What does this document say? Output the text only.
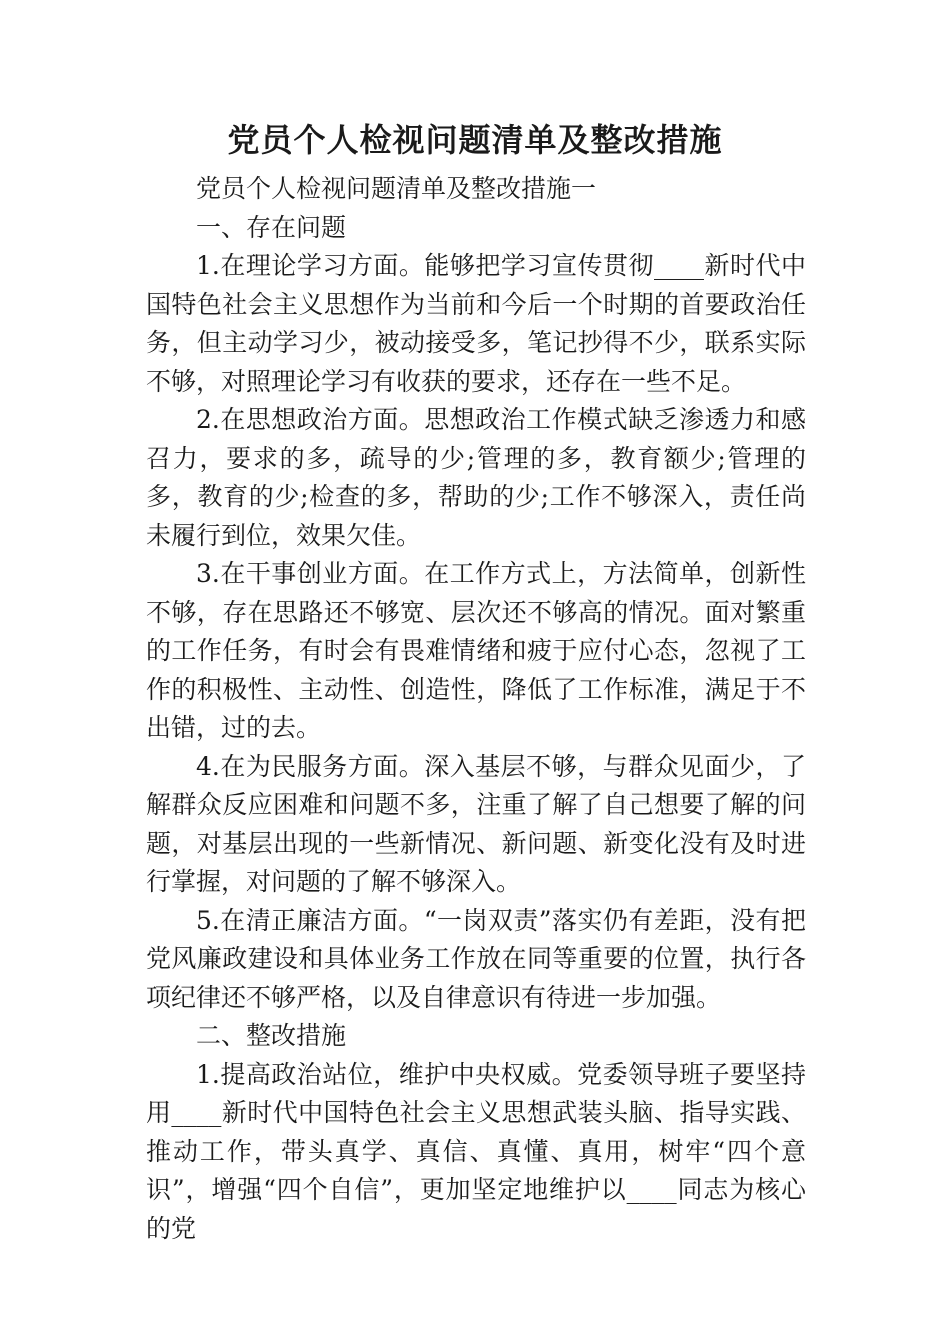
党员个人检视问题清单及整改措施

党员个人检视问题清单及整改措施一

一、存在问题

1.在理论学习方面。能够把学习宣传贯彻____新时代中国特色社会主义思想作为当前和今后一个时期的首要政治任务，但主动学习少，被动接受多，笔记抄得不少，联系实际不够，对照理论学习有收获的要求，还存在一些不足。

2.在思想政治方面。思想政治工作模式缺乏渗透力和感召力，要求的多，疏导的少;管理的多，教育额少;管理的多，教育的少;检查的多，帮助的少;工作不够深入，责任尚未履行到位，效果欠佳。

3.在干事创业方面。在工作方式上，方法简单，创新性不够，存在思路还不够宽、层次还不够高的情况。面对繁重的工作任务，有时会有畏难情绪和疲于应付心态，忽视了工作的积极性、主动性、创造性，降低了工作标准，满足于不出错，过的去。

4.在为民服务方面。深入基层不够，与群众见面少，了解群众反应困难和问题不多，注重了解了自己想要了解的问题，对基层出现的一些新情况、新问题、新变化没有及时进行掌握，对问题的了解不够深入。

5.在清正廉洁方面。“一岗双责”落实仍有差距，没有把党风廉政建设和具体业务工作放在同等重要的位置，执行各项纪律还不够严格，以及自律意识有待进一步加强。

二、整改措施

1.提高政治站位，维护中央权威。党委领导班子要坚持用____新时代中国特色社会主义思想武装头脑、指导实践、推动工作，带头真学、真信、真懂、真用，树牢“四个意识”，增强“四个自信”，更加坚定地维护以____同志为核心的党
